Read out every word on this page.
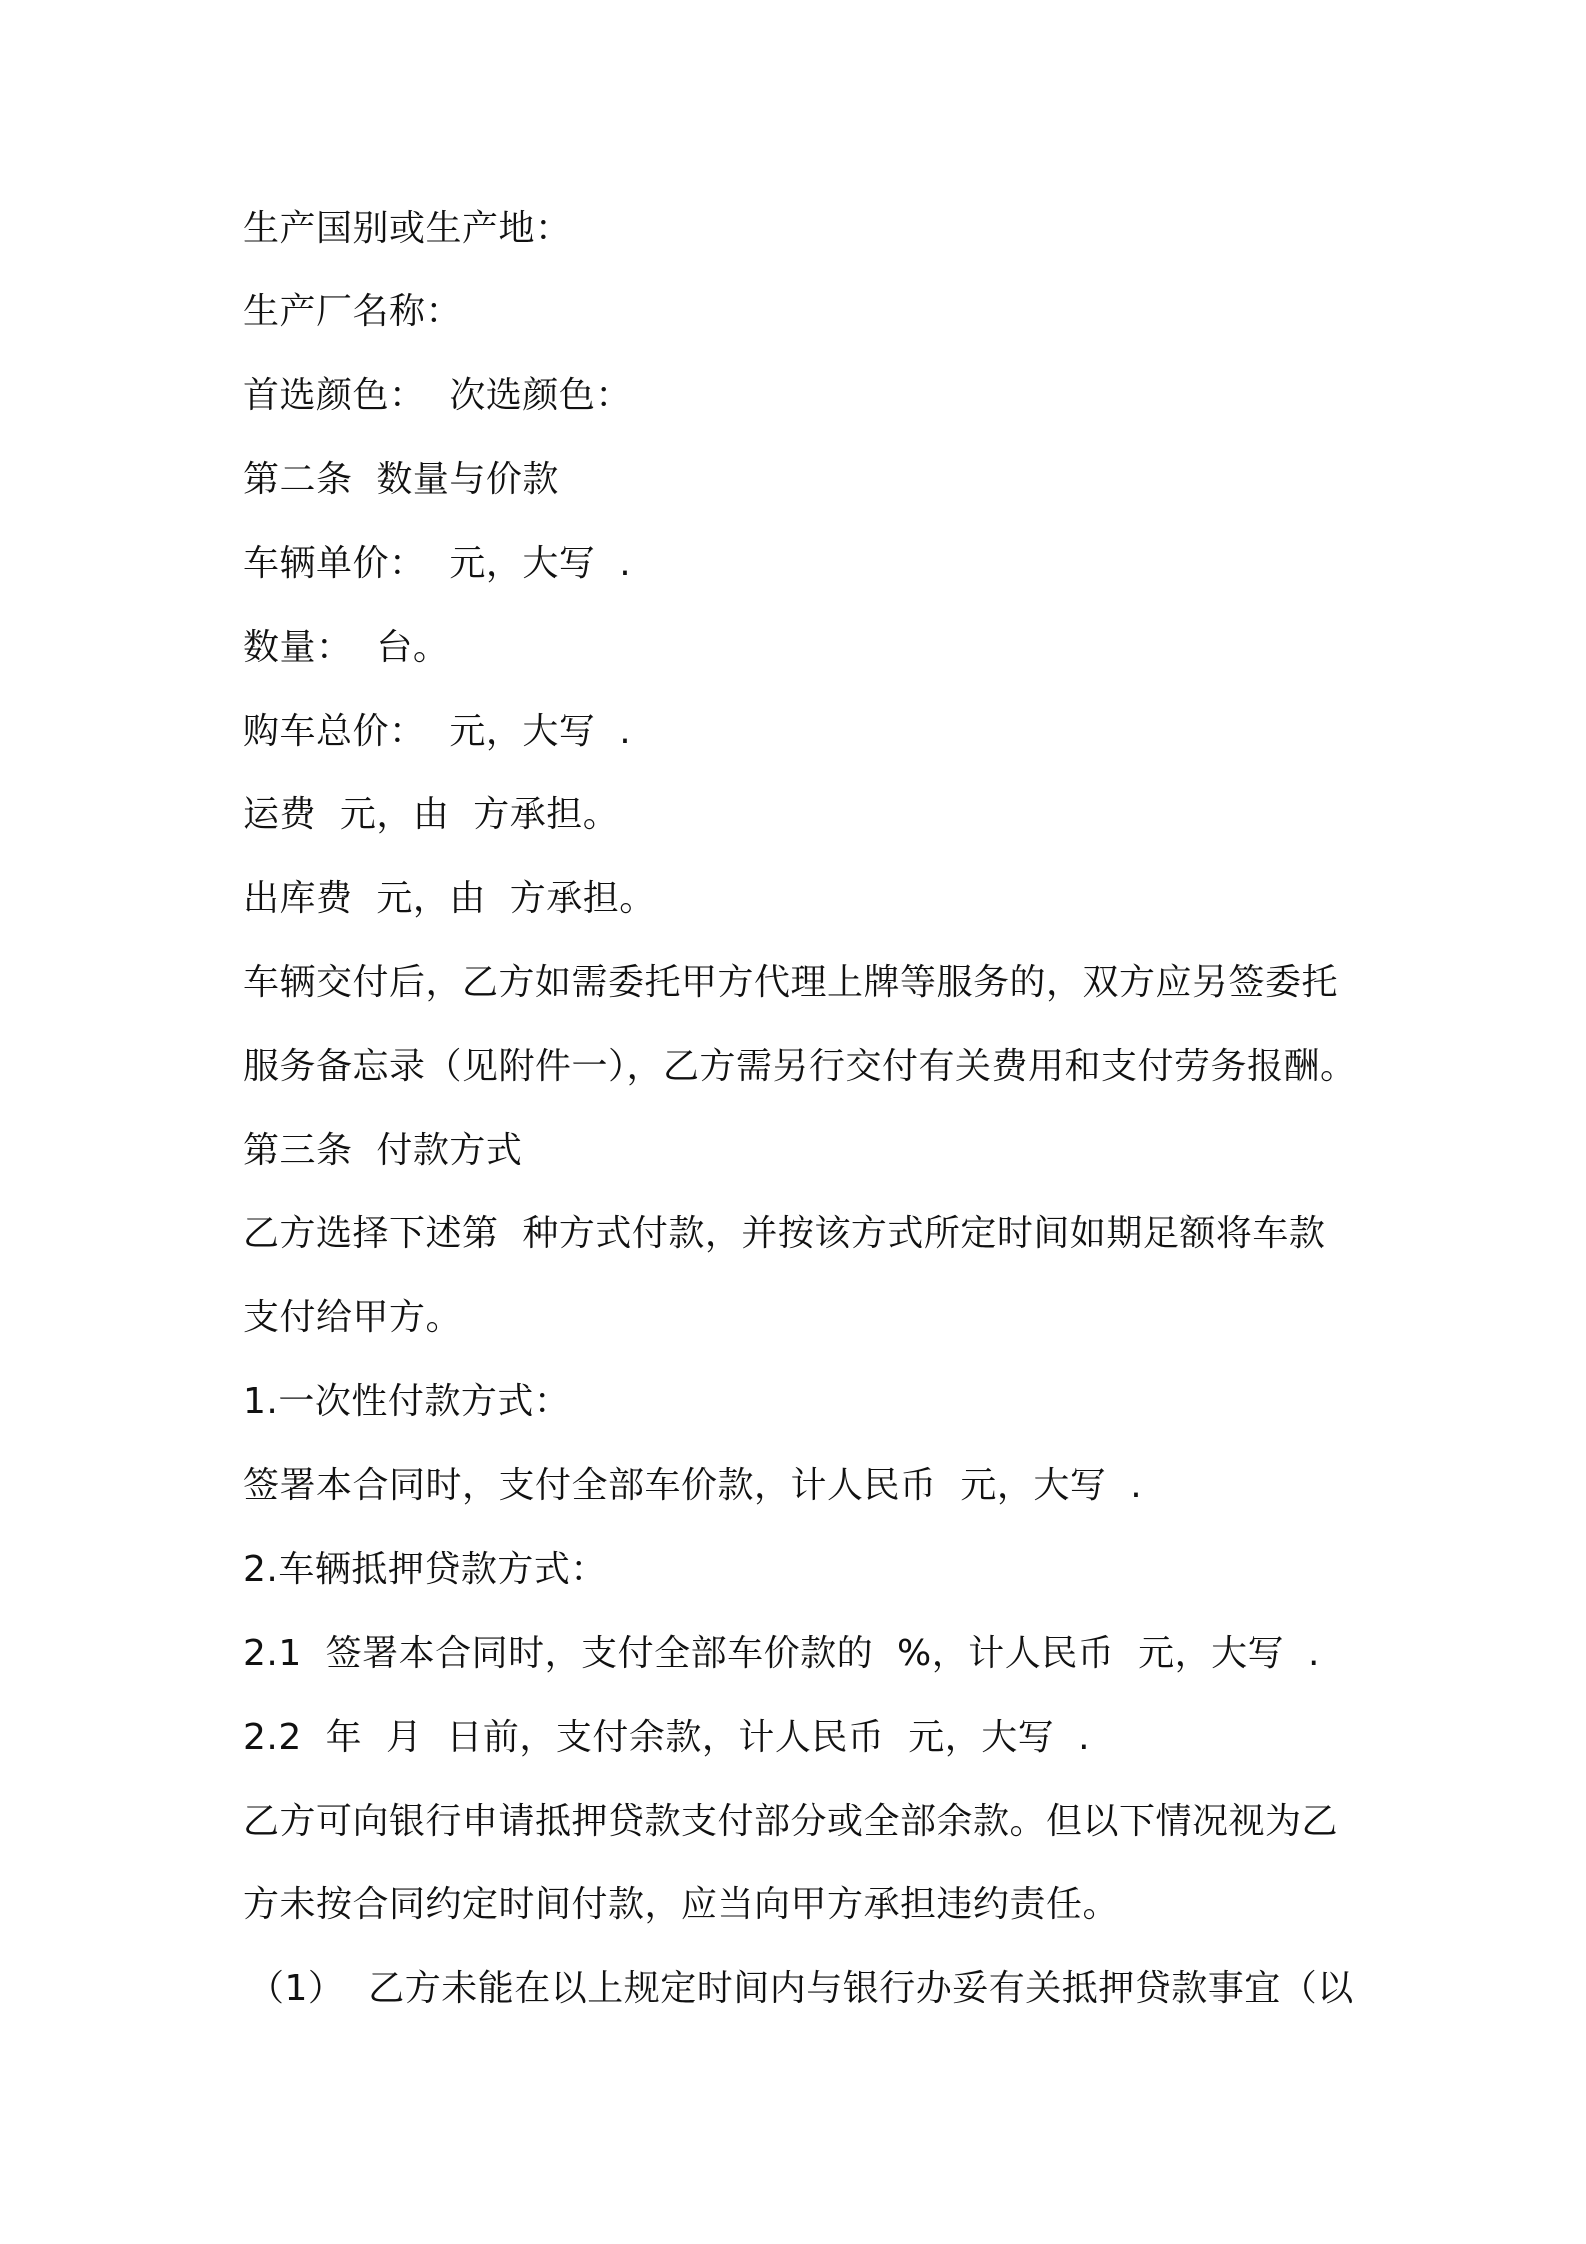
生产国别或生产地：
生产厂名称：
首选颜色：  次选颜色：
第二条  数量与价款
车辆单价：  元，大写  .
数量：  台。
购车总价：  元，大写  .
运费  元，由  方承担。
出库费  元，由  方承担。
车辆交付后，乙方如需委托甲方代理上牌等服务的，双方应另签委托
服务备忘录（见附件一），乙方需另行交付有关费用和支付劳务报酬。
第三条  付款方式
乙方选择下述第  种方式付款，并按该方式所定时间如期足额将车款
支付给甲方。
1.一次性付款方式：
签署本合同时，支付全部车价款，计人民币  元，大写  .
2.车辆抵押贷款方式：
2.1  签署本合同时，支付全部车价款的  %，计人民币  元，大写  .
2.2  年  月  日前，支付余款，计人民币  元，大写  .
乙方可向银行申请抵押贷款支付部分或全部余款。但以下情况视为乙
方未按合同约定时间付款，应当向甲方承担违约责任。
（1）  乙方未能在以上规定时间内与银行办妥有关抵押贷款事宜（以
